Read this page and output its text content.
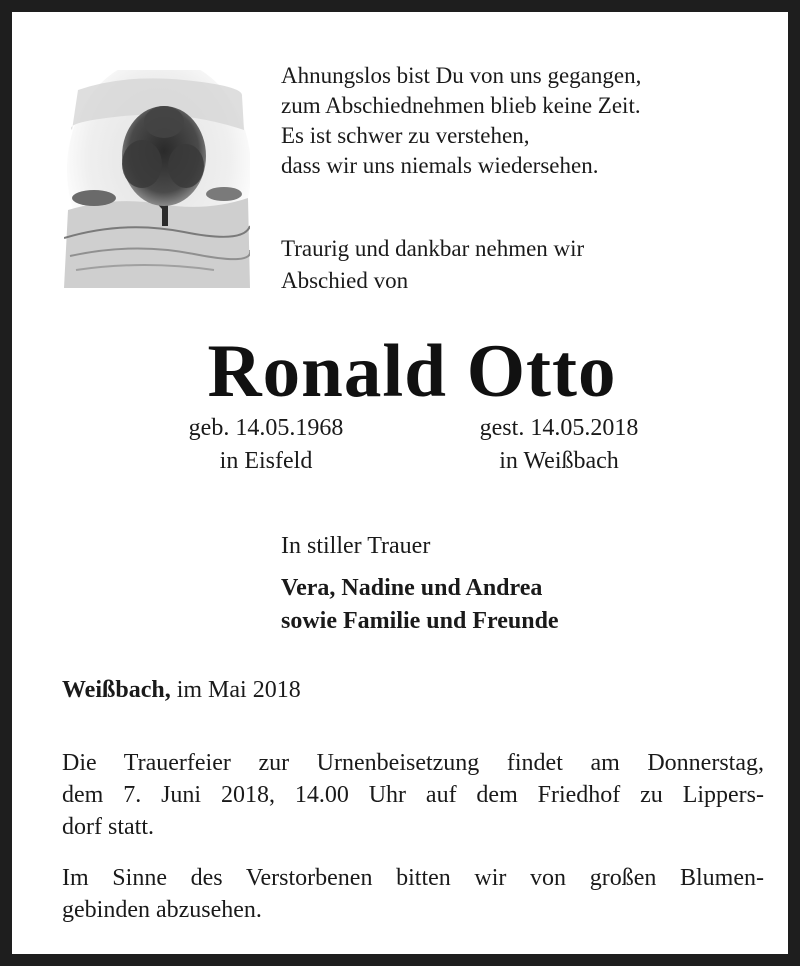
Ahnungslos bist Du von uns gegangen,
zum Abschiednehmen blieb keine Zeit.
Es ist schwer zu verstehen,
dass wir uns niemals wiedersehen.
Traurig und dankbar nehmen wir
Abschied von
Ronald Otto
geb. 14.05.1968
in Eisfeld
gest. 14.05.2018
in Weißbach
In stiller Trauer
Vera, Nadine und Andrea
sowie Familie und Freunde
Weißbach, im Mai 2018
Die Trauerfeier zur Urnenbeisetzung findet am Donnerstag,
dem 7. Juni 2018, 14.00 Uhr auf dem Friedhof zu Lippers-
dorf statt.
Im Sinne des Verstorbenen bitten wir von großen Blumen-
gebinden abzusehen.
